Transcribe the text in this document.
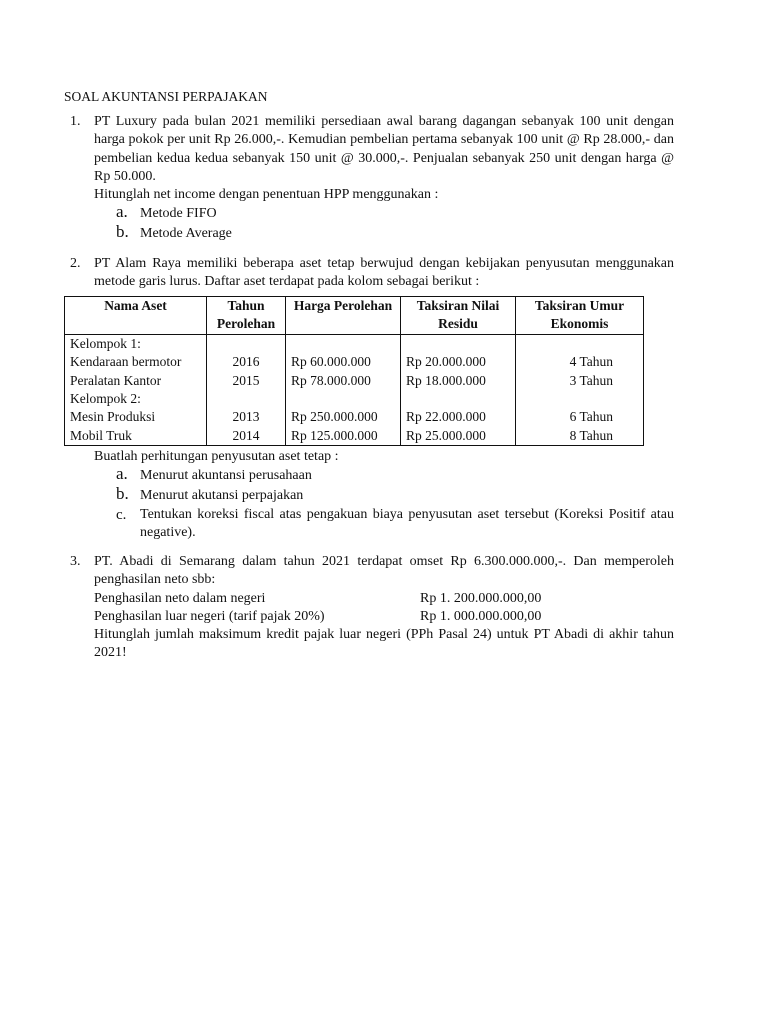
SOAL AKUNTANSI PERPAJAKAN
1. PT Luxury pada bulan 2021 memiliki persediaan awal barang dagangan sebanyak 100 unit dengan harga pokok per unit Rp 26.000,-. Kemudian pembelian pertama sebanyak 100 unit @ Rp 28.000,- dan pembelian kedua kedua sebanyak 150 unit @ 30.000,-. Penjualan sebanyak 250 unit dengan harga @ Rp 50.000.
Hitunglah net income dengan penentuan HPP menggunakan :
a. Metode FIFO
b. Metode Average
2. PT Alam Raya memiliki beberapa aset tetap berwujud dengan kebijakan penyusutan menggunakan metode garis lurus. Daftar aset terdapat pada kolom sebagai berikut :
Nama Aset	Tahun Perolehan	Harga Perolehan	Taksiran Nilai Residu	Taksiran Umur Ekonomis
Kelompok 1:				
Kendaraan bermotor	2016	Rp 60.000.000	Rp 20.000.000	4 Tahun
Peralatan Kantor	2015	Rp 78.000.000	Rp 18.000.000	3 Tahun
Kelompok 2:				
Mesin Produksi	2013	Rp 250.000.000	Rp 22.000.000	6 Tahun
Mobil Truk	2014	Rp 125.000.000	Rp 25.000.000	8 Tahun
Buatlah perhitungan penyusutan aset tetap :
a. Menurut akuntansi perusahaan
b. Menurut akutansi perpajakan
c. Tentukan koreksi fiscal atas pengakuan biaya penyusutan aset tersebut (Koreksi Positif atau negative).
3. PT. Abadi di Semarang dalam tahun 2021 terdapat omset Rp 6.300.000.000,-. Dan memperoleh penghasilan neto sbb:
Penghasilan neto dalam negeri	Rp 1. 200.000.000,00
Penghasilan luar negeri (tarif pajak 20%)	Rp 1. 000.000.000,00
Hitunglah jumlah maksimum kredit pajak luar negeri (PPh Pasal 24) untuk PT Abadi di akhir tahun 2021!
